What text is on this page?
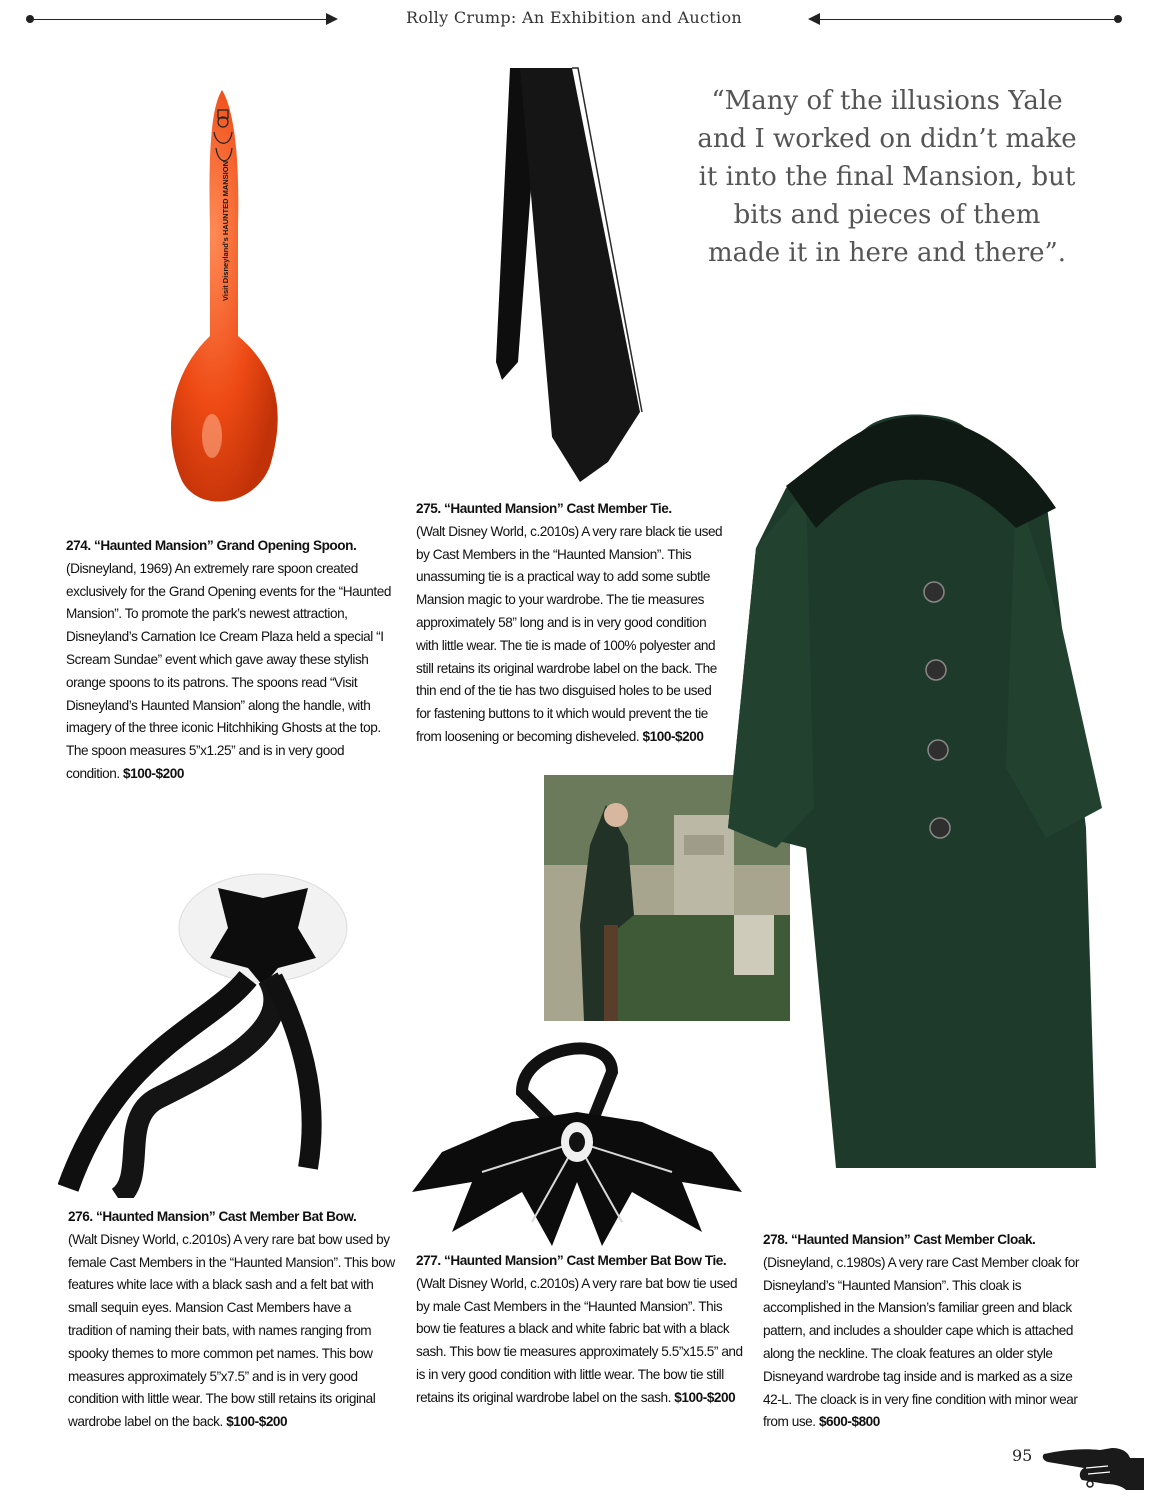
Rolly Crump: An Exhibition and Auction
Visit Disneyland's HAUNTED MANSION
“Many of the illusions Yale and I worked on didn’t make it into the final Mansion, but bits and pieces of them made it in here and there”.
274. “Haunted Mansion” Grand Opening Spoon.
(Disneyland, 1969) An extremely rare spoon created exclusively for the Grand Opening events for the “Haunted Mansion”. To promote the park’s newest attraction, Disneyland’s Carnation Ice Cream Plaza held a special “I Scream Sundae” event which gave away these stylish orange spoons to its patrons. The spoons read “Visit Disneyland’s Haunted Mansion” along the handle, with imagery of the three iconic Hitchhiking Ghosts at the top. The spoon measures 5”x1.25” and is in very good condition. $100-$200
275. “Haunted Mansion” Cast Member Tie.
(Walt Disney World, c.2010s) A very rare black tie used by Cast Members in the “Haunted Mansion”. This unassuming tie is a practical way to add some subtle Mansion magic to your wardrobe. The tie measures approximately 58” long and is in very good condition with little wear. The tie is made of 100% polyester and still retains its original wardrobe label on the back. The thin end of the tie has two disguised holes to be used for fastening buttons to it which would prevent the tie from loosening or becoming disheveled. $100-$200
276. “Haunted Mansion” Cast Member Bat Bow.
(Walt Disney World, c.2010s) A very rare bat bow used by female Cast Members in the “Haunted Mansion”. This bow features white lace with a black sash and a felt bat with small sequin eyes. Mansion Cast Members have a tradition of naming their bats, with names ranging from spooky themes to more common pet names. This bow measures approximately 5”x7.5” and is in very good condition with little wear. The bow still retains its original wardrobe label on the back. $100-$200
277. “Haunted Mansion” Cast Member Bat Bow Tie. (Walt Disney World, c.2010s) A very rare bat bow tie used by male Cast Members in the “Haunted Mansion”. This bow tie features a black and white fabric bat with a black sash. This bow tie measures approximately 5.5”x15.5” and is in very good condition with little wear. The bow tie still retains its original wardrobe label on the sash. $100-$200
278. “Haunted Mansion” Cast Member Cloak. (Disneyland, c.1980s) A very rare Cast Member cloak for Disneyland’s “Haunted Mansion”. This cloak is accomplished in the Mansion’s familiar green and black pattern, and includes a shoulder cape which is attached along the neckline. The cloak features an older style Disneyand wardrobe tag inside and is marked as a size 42-L. The cloack is in very fine condition with minor wear from use. $600-$800
95
